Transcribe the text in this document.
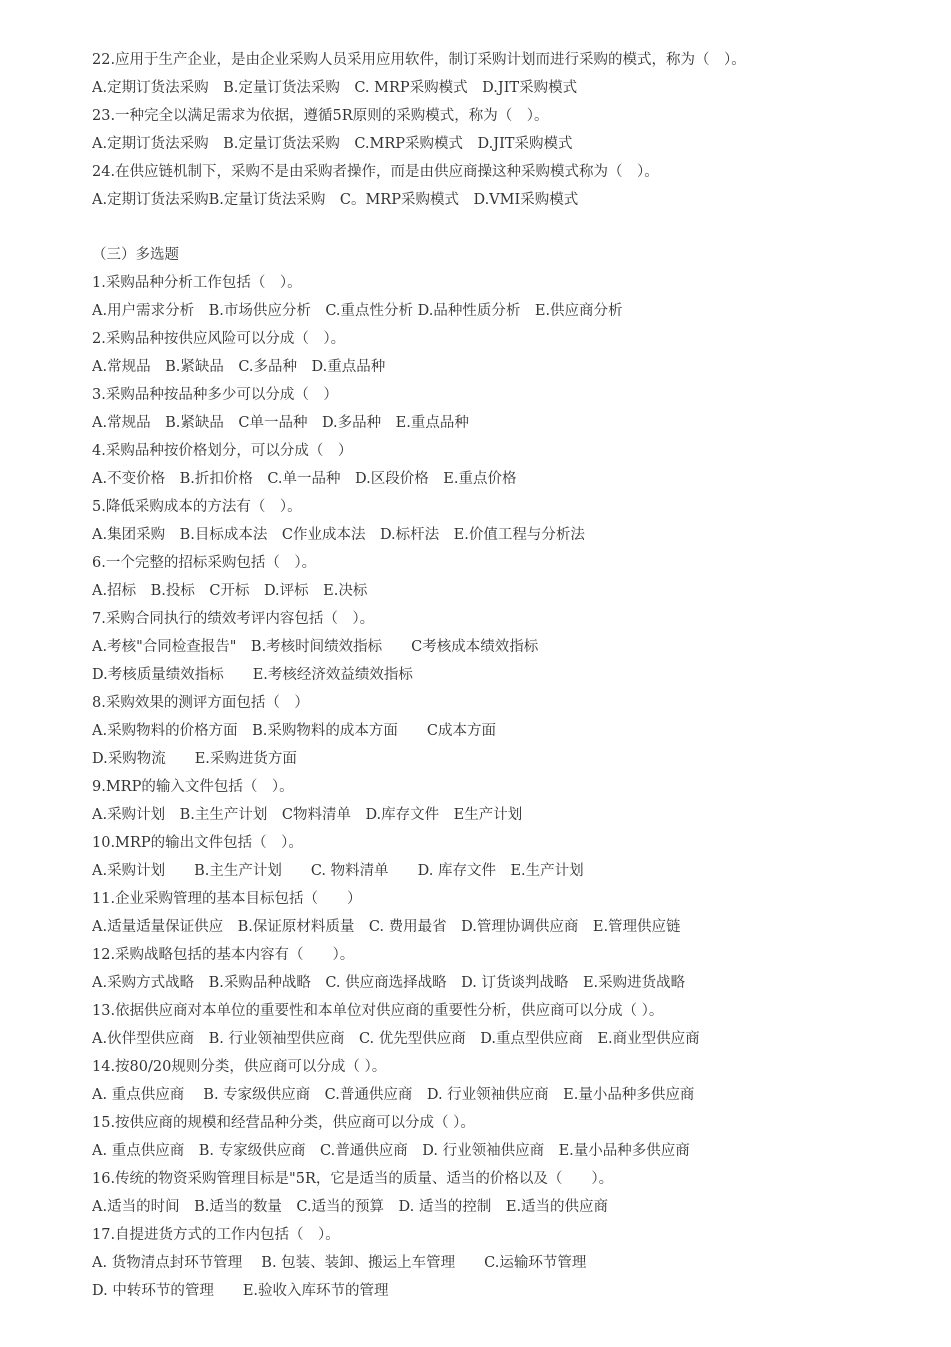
22.应用于生产企业，是由企业采购人员采用应用软件，制订采购计划而进行采购的模式，称为（　）。
A.定期订货法采购　B.定量订货法采购　C. MRP采购模式　D.JIT采购模式
23.一种完全以满足需求为依据，遵循5R原则的采购模式，称为（　）。
A.定期订货法采购　B.定量订货法采购　C.MRP采购模式　D.JIT采购模式
24.在供应链机制下，采购不是由采购者操作，而是由供应商操这种采购模式称为（　）。
A.定期订货法采购B.定量订货法采购　C。MRP采购模式　D.VMI采购模式
（三）多选题
1.采购品种分析工作包括（　）。
A.用户需求分析　B.市场供应分析　C.重点性分析 D.品种性质分析　E.供应商分析
2.采购品种按供应风险可以分成（　）。
A.常规品　B.紧缺品　C.多品种　D.重点品种
3.采购品种按品种多少可以分成（　）
A.常规品　B.紧缺品　C单一品种　D.多品种　E.重点品种
4.采购品种按价格划分，可以分成（　）
A.不变价格　B.折扣价格　C.单一品种　D.区段价格　E.重点价格
5.降低采购成本的方法有（　）。
A.集团采购　B.目标成本法　C作业成本法　D.标杆法　E.价值工程与分析法
6.一个完整的招标采购包括（　）。
A.招标　B.投标　C开标　D.评标　E.决标
7.采购合同执行的绩效考评内容包括（　）。
A.考核"合同检查报告"　B.考核时间绩效指标　　C考核成本绩效指标
D.考核质量绩效指标　　E.考核经济效益绩效指标
8.采购效果的测评方面包括（　）
A.采购物料的价格方面　B.采购物料的成本方面　　C成本方面
D.采购物流　　E.采购进货方面
9.MRP的输入文件包括（　）。
A.采购计划　B.主生产计划　C物料清单　D.库存文件　E生产计划
10.MRP的输出文件包括（　）。
A.采购计划　　B.主生产计划　　C. 物料清单　　D. 库存文件　E.生产计划
11.企业采购管理的基本目标包括（　　）
A.适量适量保证供应　B.保证原材料质量　C. 费用最省　D.管理协调供应商　E.管理供应链
12.采购战略包括的基本内容有（　　）。
A.采购方式战略　B.采购品种战略　C. 供应商选择战略　D. 订货谈判战略　E.采购进货战略
13.依据供应商对本单位的重要性和本单位对供应商的重要性分析，供应商可以分成（ ）。
A.伙伴型供应商　B. 行业领袖型供应商　C. 优先型供应商　D.重点型供应商　E.商业型供应商
14.按80/20规则分类，供应商可以分成（ ）。
A. 重点供应商　 B. 专家级供应商　C.普通供应商　D. 行业领袖供应商　E.量小品种多供应商
15.按供应商的规模和经营品种分类，供应商可以分成（ ）。
A. 重点供应商　B. 专家级供应商　C.普通供应商　D. 行业领袖供应商　E.量小品种多供应商
16.传统的物资采购管理目标是"5R，它是适当的质量、适当的价格以及（　　）。
A.适当的时间　B.适当的数量　C.适当的预算　D. 适当的控制　E.适当的供应商
17.自提进货方式的工作内包括（　）。
A. 货物清点封环节管理　 B. 包装、装卸、搬运上车管理　　C.运输环节管理
D. 中转环节的管理　　E.验收入库环节的管理
